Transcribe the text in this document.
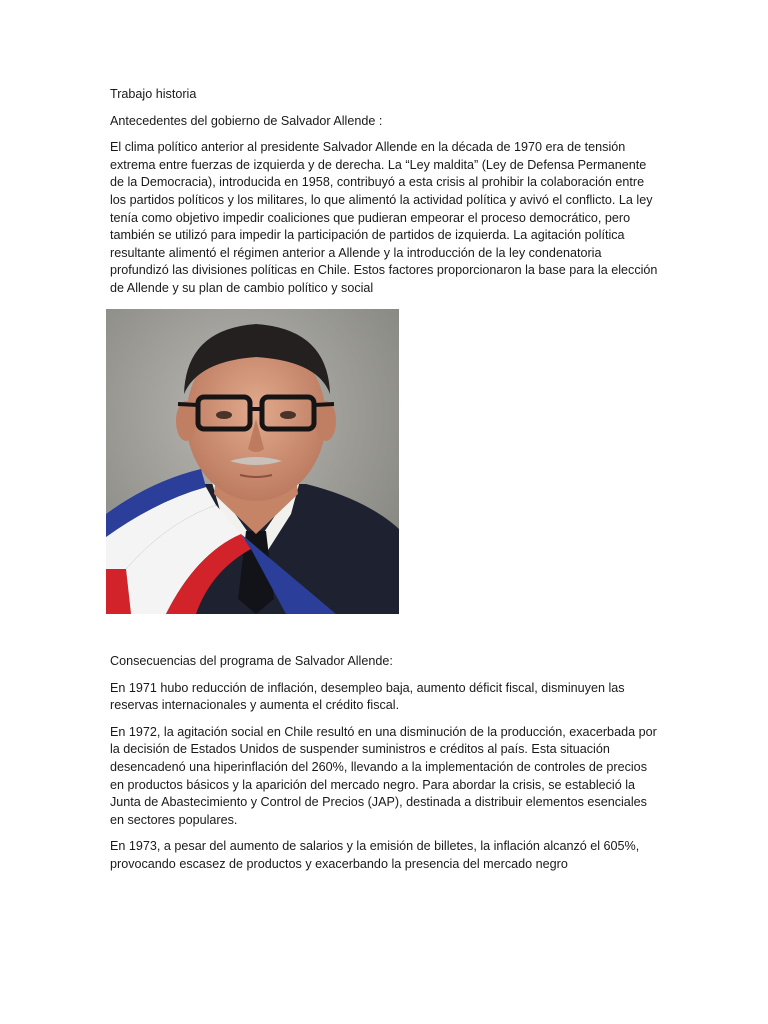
Trabajo historia

Antecedentes del gobierno de Salvador Allende :

El clima político anterior al presidente Salvador Allende en la década de 1970 era de tensión extrema entre fuerzas de izquierda y de derecha. La “Ley maldita” (Ley de Defensa Permanente de la Democracia), introducida en 1958, contribuyó a esta crisis al prohibir la colaboración entre los partidos políticos y los militares, lo que alimentó la actividad política y avivó el conflicto. La ley tenía como objetivo impedir coaliciones que pudieran empeorar el proceso democrático, pero también se utilizó para impedir la participación de partidos de izquierda. La agitación política resultante alimentó el régimen anterior a Allende y la introducción de la ley condenatoria profundizó las divisiones políticas en Chile. Estos factores proporcionaron la base para la elección de Allende y su plan de cambio político y social

Consecuencias del programa de Salvador Allende:

En 1971 hubo reducción de inflación, desempleo baja, aumento déficit fiscal, disminuyen las reservas internacionales y aumenta el crédito fiscal.

En 1972, la agitación social en Chile resultó en una disminución de la producción, exacerbada por la decisión de Estados Unidos de suspender suministros e créditos al país. Esta situación desencadenó una hiperinflación del 260%, llevando a la implementación de controles de precios en productos básicos y la aparición del mercado negro. Para abordar la crisis, se estableció la Junta de Abastecimiento y Control de Precios (JAP), destinada a distribuir elementos esenciales en sectores populares.

En 1973, a pesar del aumento de salarios y la emisión de billetes, la inflación alcanzó el 605%, provocando escasez de productos y exacerbando la presencia del mercado negro
